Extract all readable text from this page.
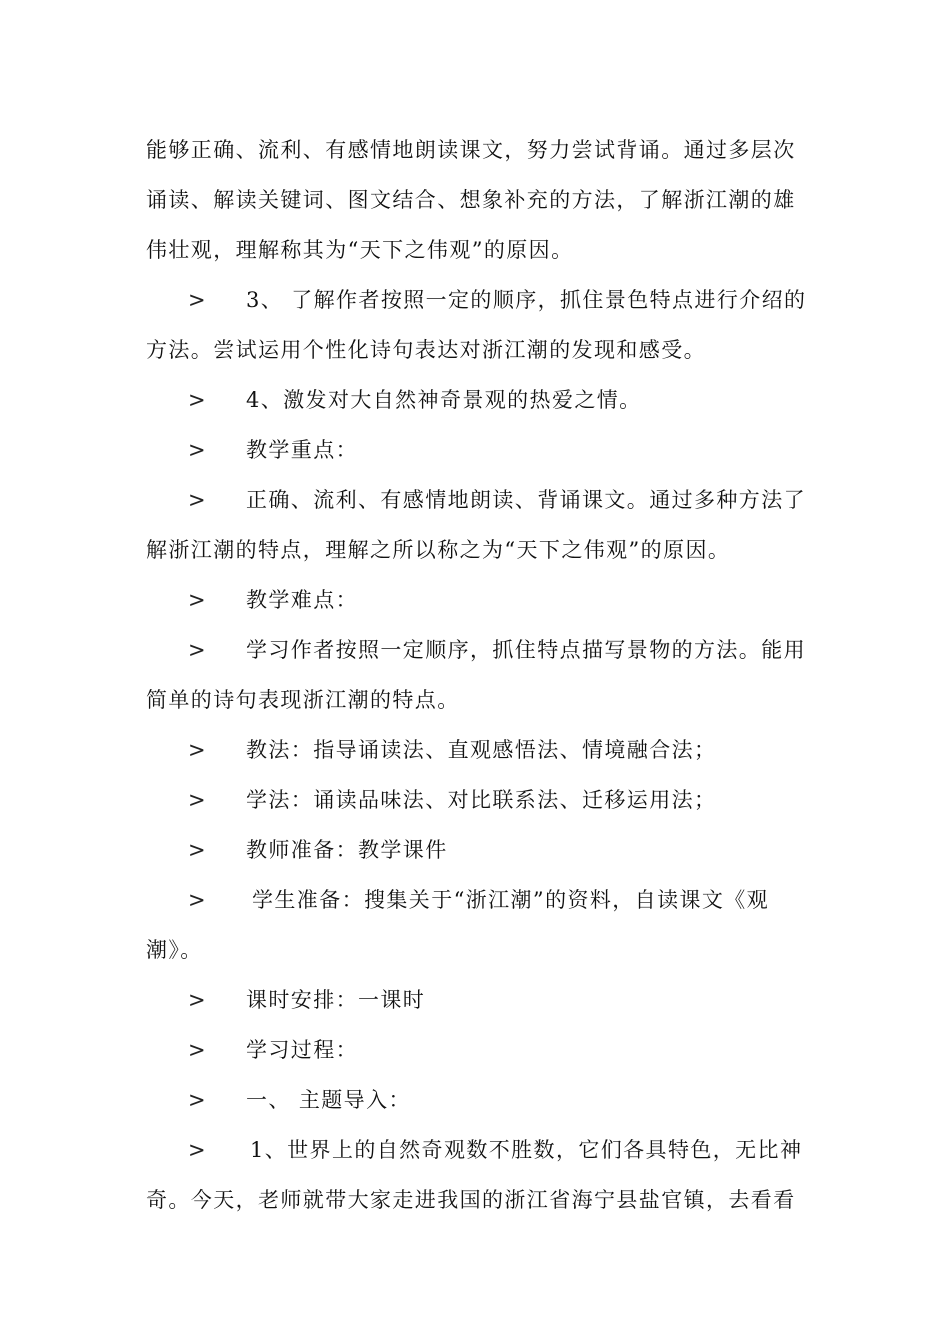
能够正确、流利、有感情地朗读课文，努力尝试背诵。通过多层次
诵读、解读关键词、图文结合、想象补充的方法，了解浙江潮的雄
伟壮观，理解称其为“天下之伟观”的原因。
>	3、 了解作者按照一定的顺序，抓住景色特点进行介绍的
方法。尝试运用个性化诗句表达对浙江潮的发现和感受。
>	4、激发对大自然神奇景观的热爱之情。
>	教学重点：
>	正确、流利、有感情地朗读、背诵课文。通过多种方法了
解浙江潮的特点，理解之所以称之为“天下之伟观”的原因。
>	教学难点：
>	学习作者按照一定顺序，抓住特点描写景物的方法。能用
简单的诗句表现浙江潮的特点。
>	教法：指导诵读法、直观感悟法、情境融合法；
>	学法：诵读品味法、对比联系法、迁移运用法；
>	教师准备：教学课件
>	学生准备：搜集关于“浙江潮”的资料，自读课文《观
潮》。
>	课时安排：一课时
>	学习过程：
>	一、 主题导入：
>	1、世界上的自然奇观数不胜数，它们各具特色，无比神
奇。今天，老师就带大家走进我国的浙江省海宁县盐官镇，去看看
